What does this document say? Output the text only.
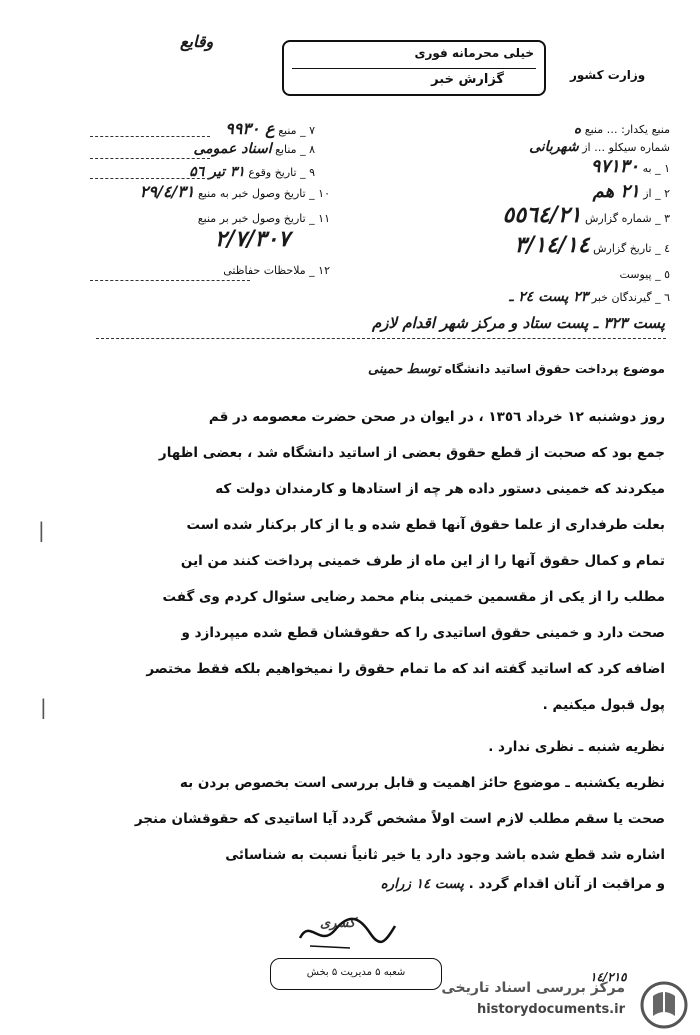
وزارت کشور
وقایع
خیلی محرمانه فوری
گزارش خبر
منبع یکدار: … منبع ه
شماره سیکلو … از شهربانی
١ _ به ٩٧١٣٠
٢ _ از ٢١ هم
٣ _ شماره گزارش ٥٥٦٤/٢١
٤ _ تاریخ گزارش ٣/١٤/١٤
٥ _ پیوست
٦ _ گیرندگان خبر ٢٣ پست ٢٤ ـ
٧ _ منبع ع ٩٩٣٠
٨ _ منابع اسناد عمومی
٩ _ تاریخ وقوع ٣١ تیر ۵٦
١٠ _ تاریخ وصول خبر به منبع ٢٩/٤/٣١
١١ _ تاریخ وصول خبر بر منبع
٢/٧/٣٠٧
١٢ _ ملاحظات حفاظتی
پست ٣٢٣ ـ پست ستاد و مرکز شهر اقدام لازم
موضوع پرداخت حقوق اساتید دانشگاه توسط حمینی
روز دوشنبه ١٢ خرداد ١٣٥٦ ، در ایوان در صحن حضرت معصومه در قم
جمع بود که صحبت از قطع حقوق بعضی از اساتید دانشگاه شد ، بعضی اظهار
میکردند که خمینی دستور داده هر چه از استادها و کارمندان دولت که
بعلت طرفداری از علما حقوق آنها قطع شده و یا از کار برکنار شده است
تمام و کمال حقوق آنها را از این ماه از طرف خمینی پرداخت کنند من این
مطلب را از یکی از مقسمین خمینی بنام محمد رضایی سئوال کردم وی گفت
صحت دارد و خمینی حقوق اساتیدی را که حقوقشان قطع شده میپردازد و
اضافه کرد که اساتید گفته اند که ما تمام حقوق را نمیخواهیم بلکه فقط مختصر
پول قبول میکنیم .
|
|
نظریه شنبه ـ نظری ندارد .
نظریه یکشنبه ـ موضوع حائز اهمیت و قابل بررسی است بخصوص بردن به
صحت یا سقم مطلب لازم است اولاً مشخص گردد آیا اساتیدی که حقوقشان منجر
اشاره شد قطع شده باشد وجود دارد یا خیر ثانیاً نسبت به شناسائی
و مراقبت از آنان اقدام گردد . پست ١٤ زراره
کسری
شعبه ۵ مدیریت ۵ بخش	١٤/٢١٥
مرکز بررسی اسناد تاریخی
historydocuments.ir
